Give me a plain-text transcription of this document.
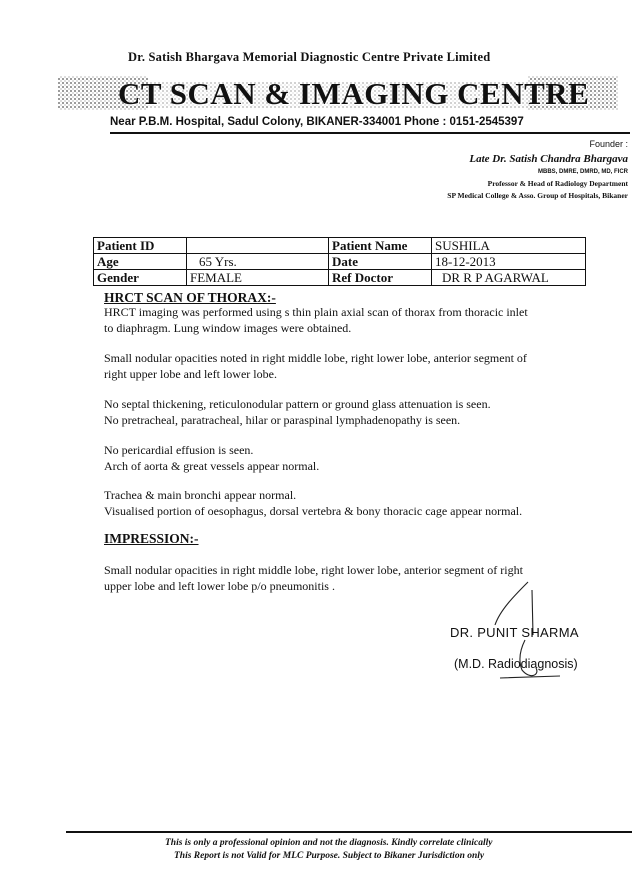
Dr. Satish Bhargava Memorial Diagnostic Centre Private Limited
CT SCAN & IMAGING CENTRE
Near P.B.M. Hospital, Sadul Colony, BIKANER-334001 Phone : 0151-2545397
Founder :
Late Dr. Satish Chandra Bhargava
MBBS, DMRE, DMRD, MD, FICR
Professor & Head of Radiology Department
SP Medical College & Asso. Group of Hospitals, Bikaner
Patient ID		Patient Name	SUSHILA
Age	65 Yrs.	Date	18-12-2013
Gender	FEMALE	Ref Doctor	DR R P AGARWAL
HRCT SCAN OF THORAX:-
HRCT imaging was performed using s thin plain axial scan of thorax from thoracic inlet
to diaphragm. Lung window images were obtained.
Small nodular opacities noted in right middle lobe, right lower lobe, anterior segment of
right upper lobe and left lower lobe.
No septal thickening, reticulonodular pattern or ground glass attenuation is seen.
No pretracheal, paratracheal, hilar or paraspinal lymphadenopathy is seen.
No pericardial effusion is seen.
Arch of aorta & great vessels appear normal.
Trachea & main bronchi appear normal.
Visualised portion of oesophagus, dorsal vertebra & bony thoracic cage appear normal.
IMPRESSION:-
Small nodular opacities in right middle lobe, right lower lobe, anterior segment of right
upper lobe and left lower lobe p/o pneumonitis .
DR. PUNIT SHARMA
(M.D. Radiodiagnosis)
This is only a professional opinion and not the diagnosis. Kindly correlate clinically
This Report is not Valid for MLC Purpose. Subject to Bikaner Jurisdiction only
